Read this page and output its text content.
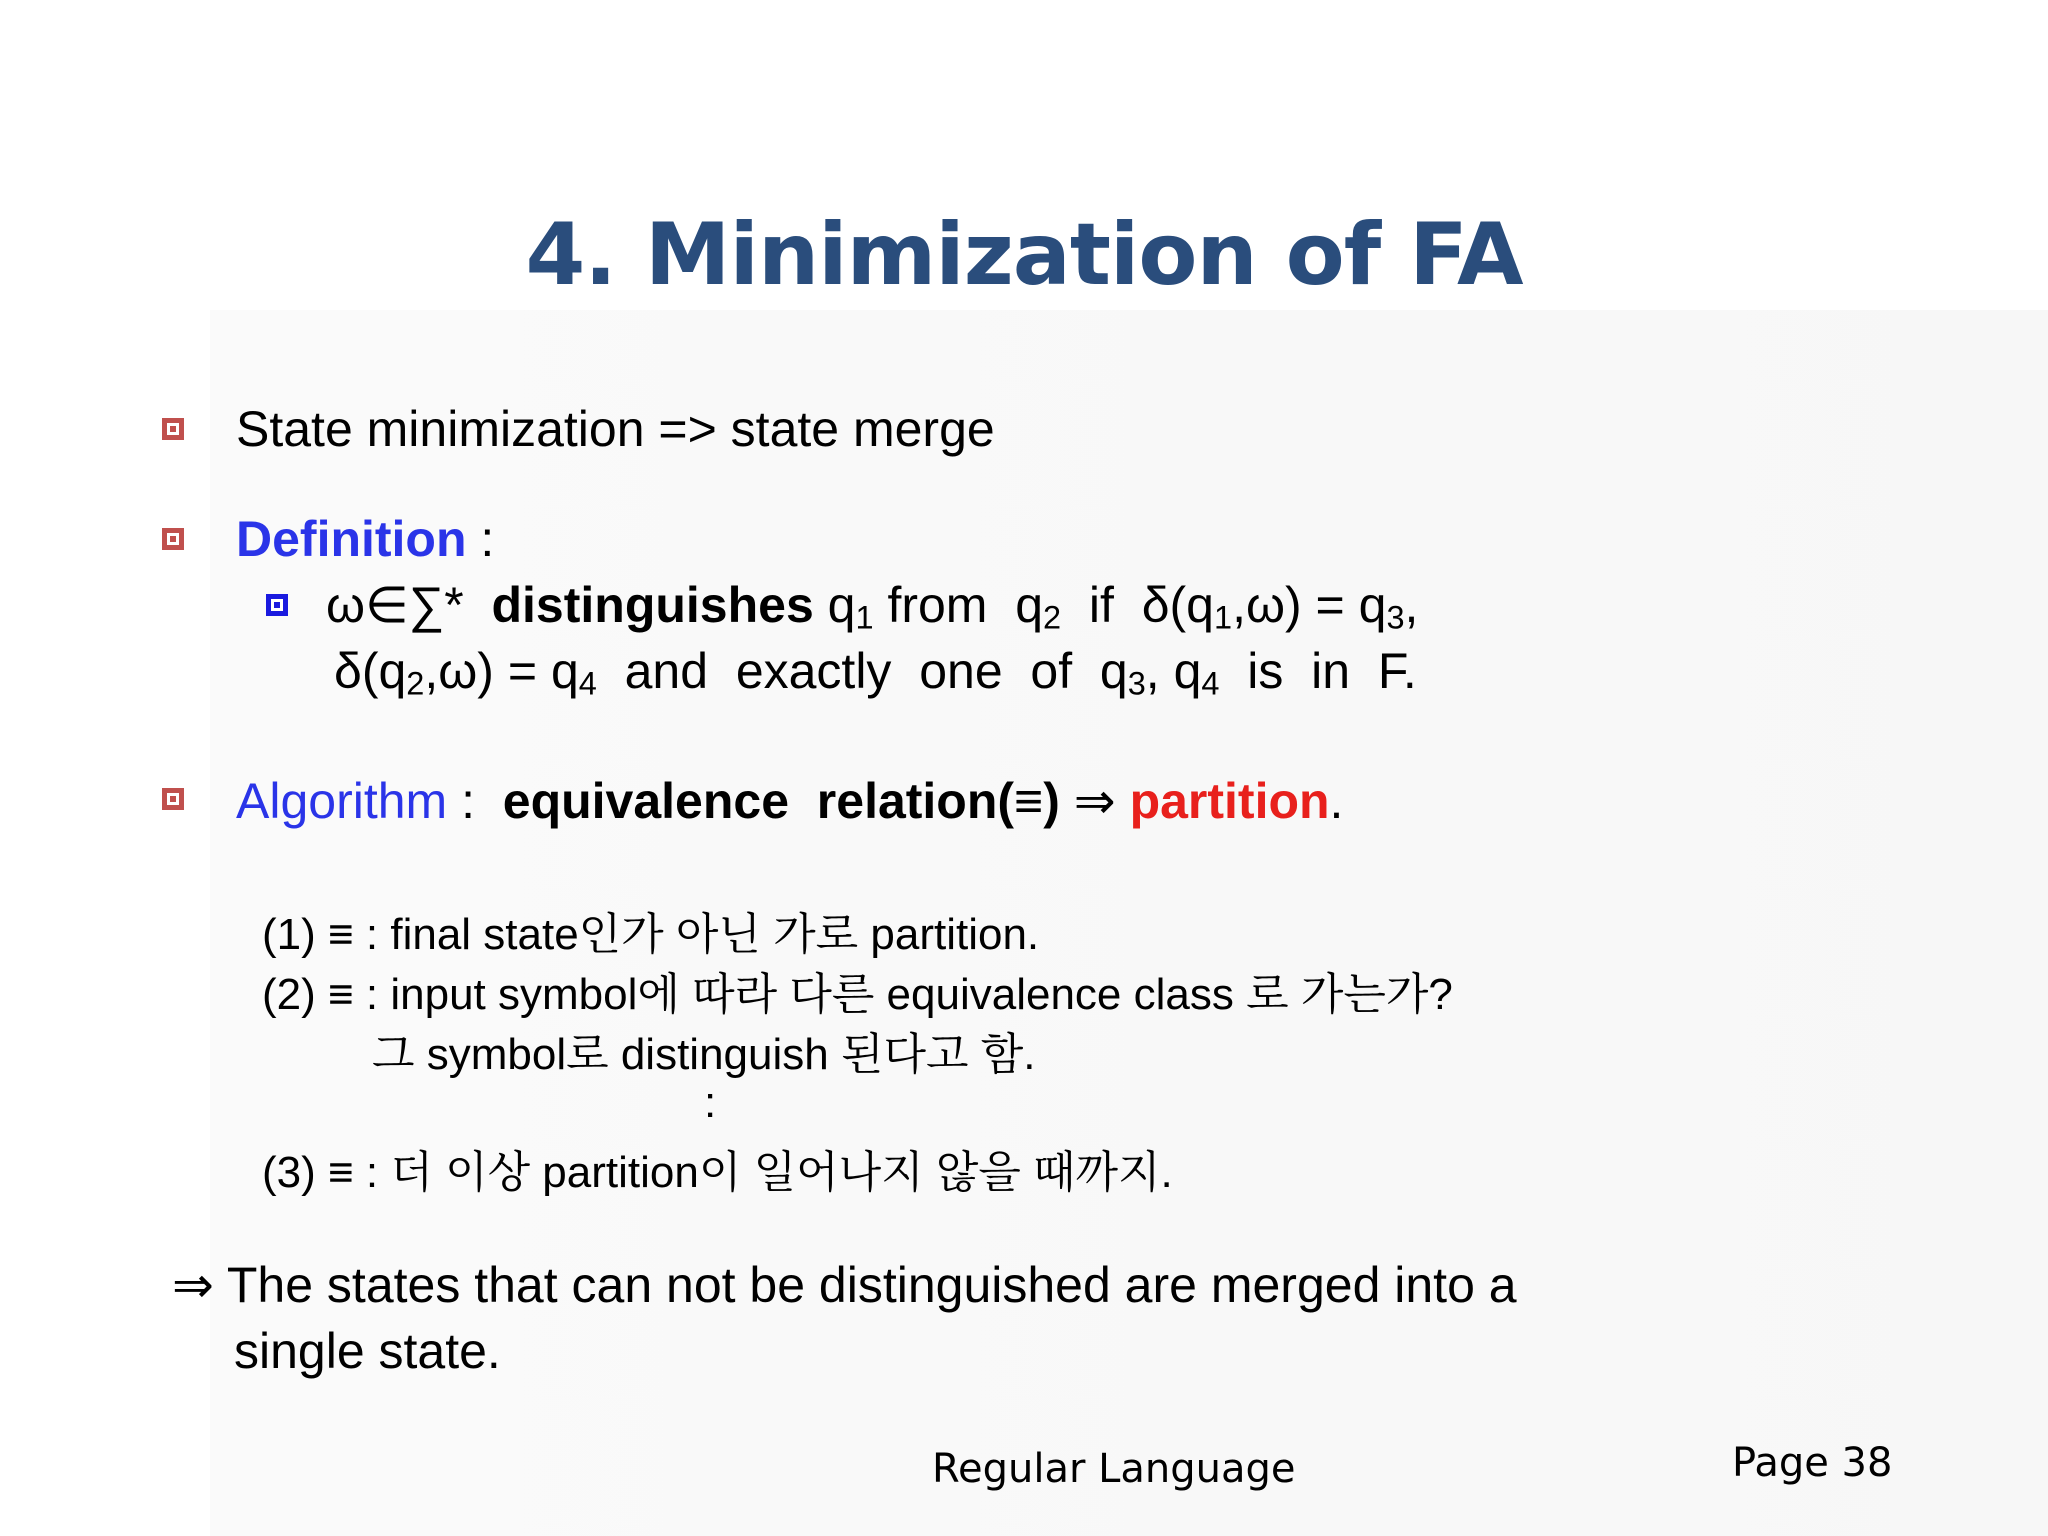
4. Minimization of FA
State minimization => state merge
Definition :
ω∈∑* distinguishes $q_1$ from  $q_2$  if  $\delta(q_1,\omega) = q_3$,
$\delta(q_2,\omega) = q_4$  and  exactly  one  of  $q_3$, $q_4$  is  in  F.
Algorithm :  equivalence  relation(≡) ⇒ partition.
(1) ≡ : final state인가 아닌 가로 partition.
(2) ≡ : input symbol에 따라 다른 equivalence class 로 가는가?
그 symbol로 distinguish 된다고 함.
:
(3) ≡ : 더 이상 partition이 일어나지 않을 때까지.
⇒ The states that can not be distinguished are merged into a
single state.
Regular Language	Page 38
